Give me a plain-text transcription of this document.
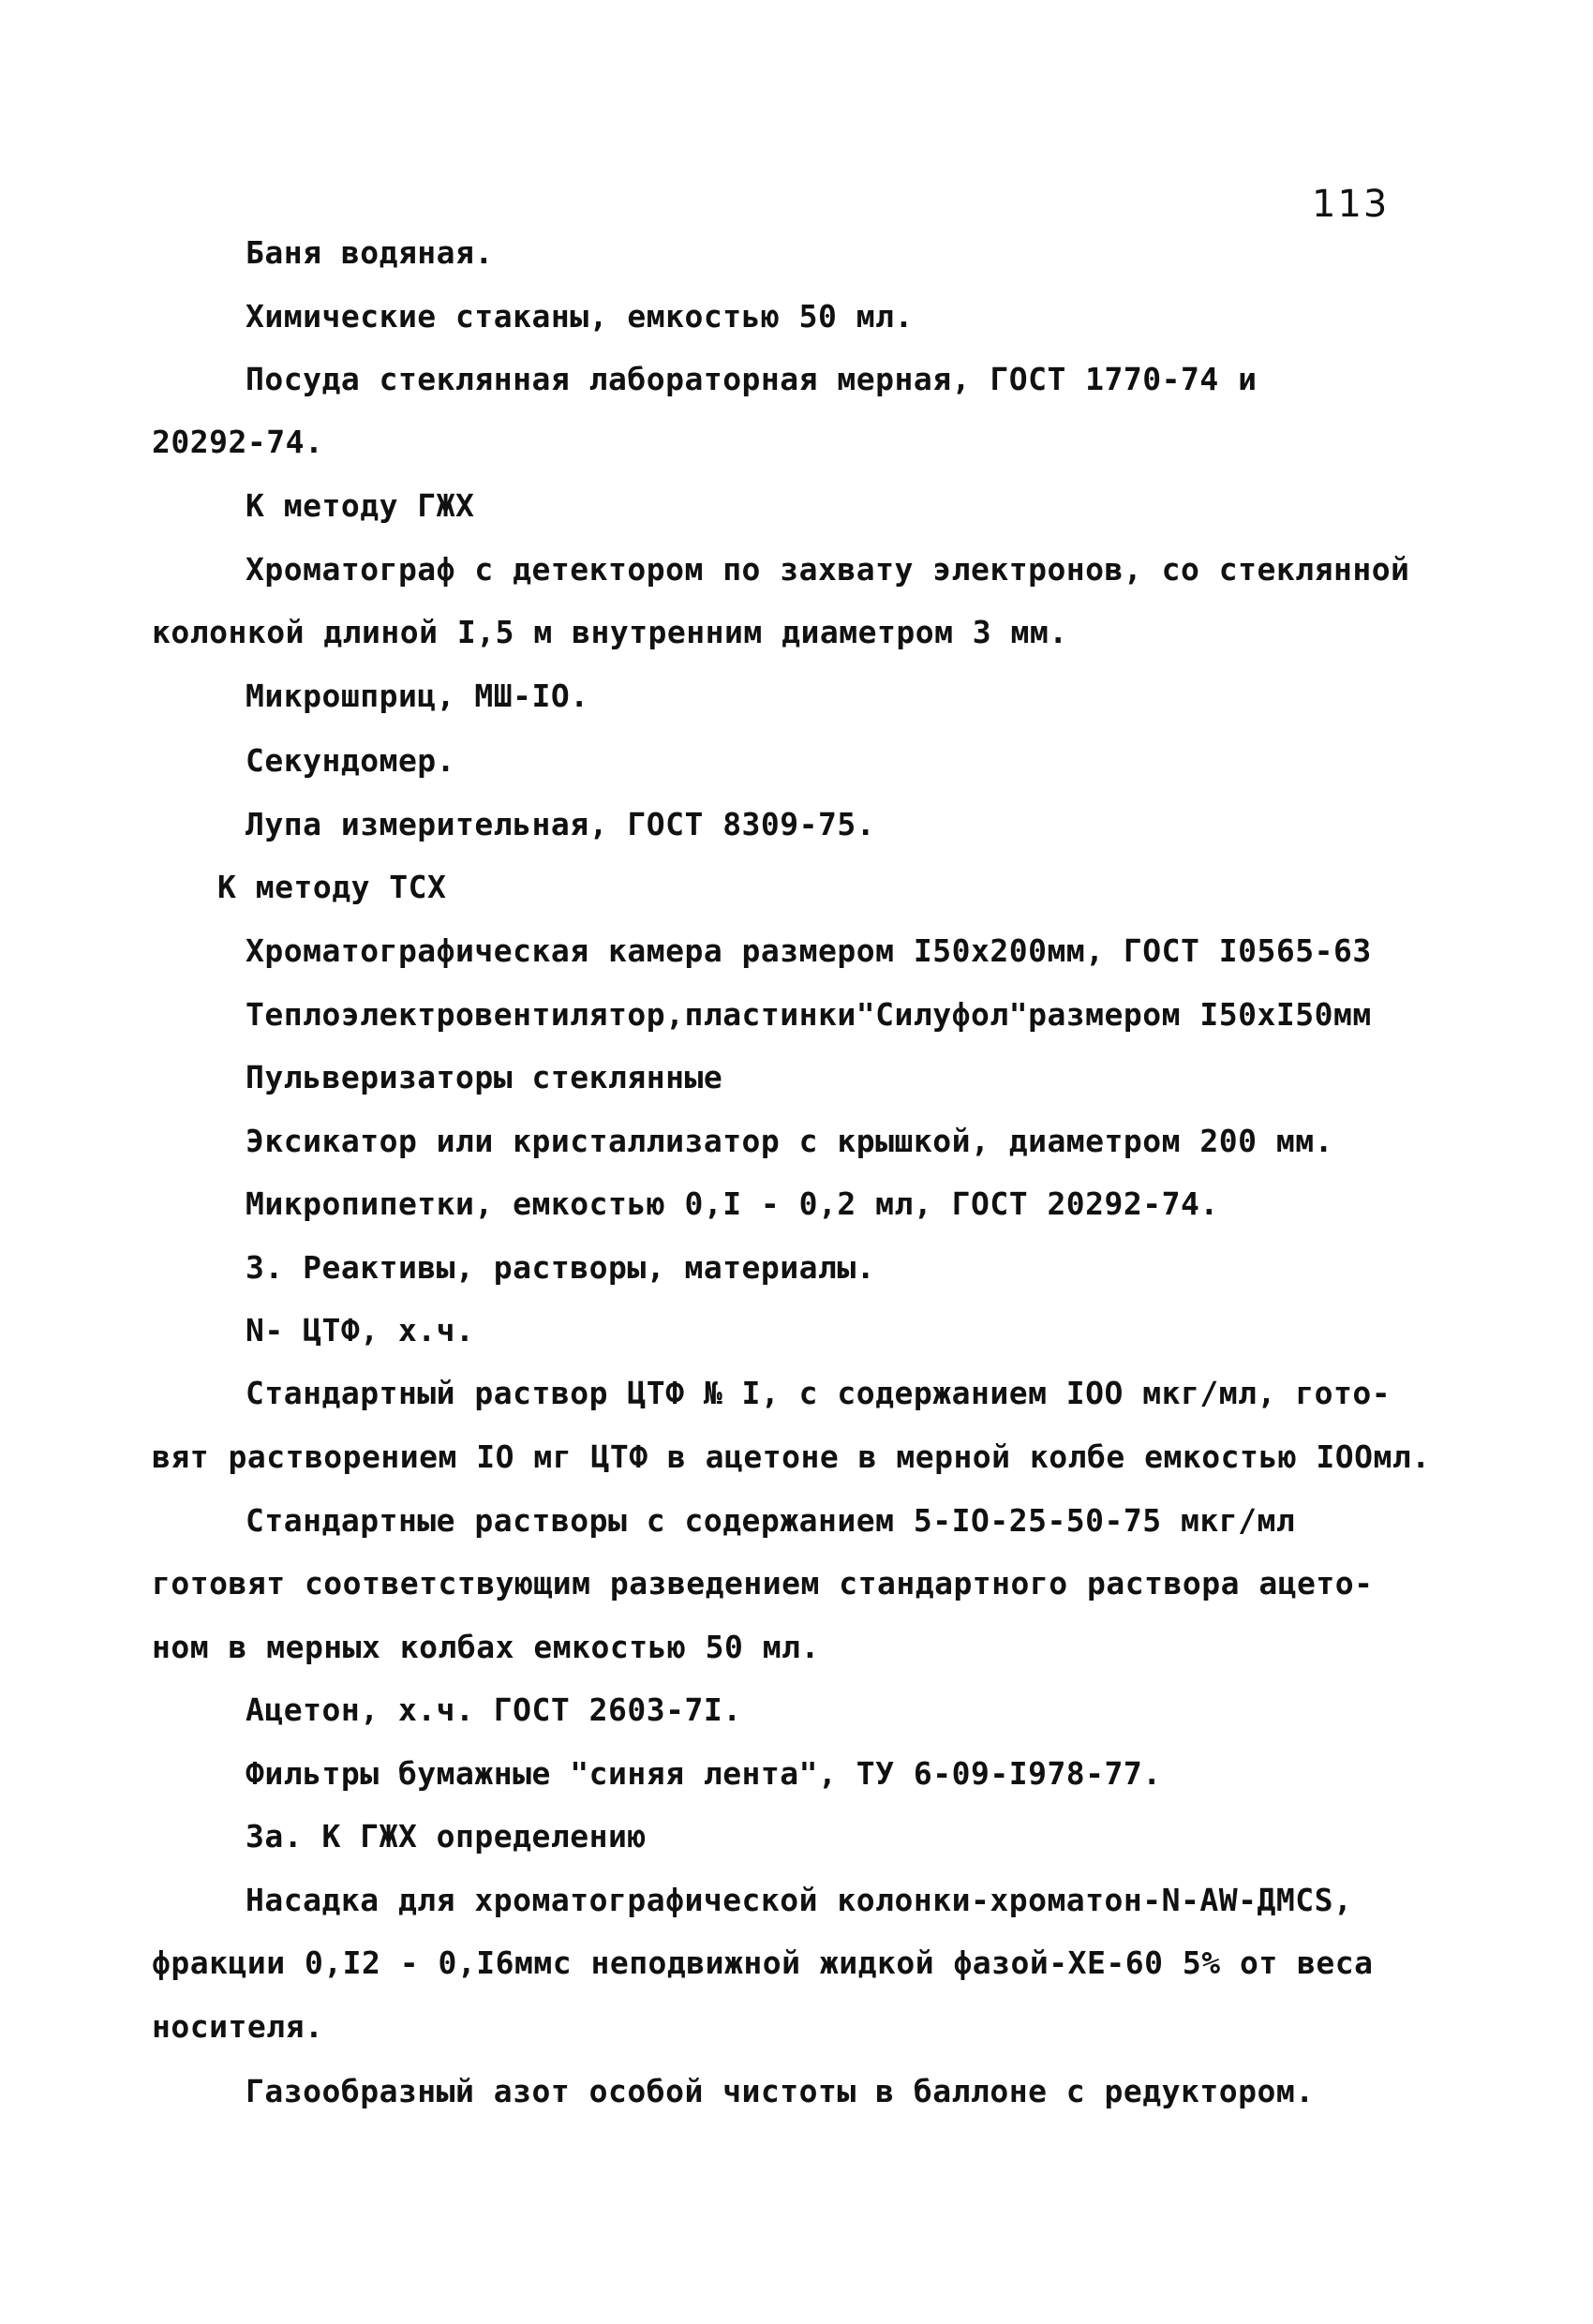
113
Баня водяная.
Химические стаканы, емкостью 50 мл.
Посуда стеклянная лабораторная мерная, ГОСТ 1770-74 и
20292-74.
К методу ГЖХ
Хроматограф с детектором по захвату электронов, со стеклянной
колонкой длиной I,5 м внутренним диаметром 3 мм.
Микрошприц, МШ-IO.
Секундомер.
Лупа измерительная, ГОСТ 8309-75.
К методу ТСХ
Хроматографическая камера размером I50x200мм, ГОСТ I0565-63
Теплоэлектровентилятор,пластинки"Силуфол"размером I50xI50мм
Пульверизаторы стеклянные
Эксикатор или кристаллизатор с крышкой, диаметром 200 мм.
Микропипетки, емкостью 0,I - 0,2 мл, ГОСТ 20292-74.
3. Реактивы, растворы, материалы.
N- ЦТФ, х.ч.
Стандартный раствор ЦТФ № I, с содержанием IOO мкг/мл, гото-
вят растворением IO мг ЦТФ в ацетоне в мерной колбе емкостью IOOмл.
Стандартные растворы с содержанием 5-IO-25-50-75 мкг/мл
готовят соответствующим разведением стандартного раствора ацето-
ном в мерных колбах емкостью 50 мл.
Ацетон, х.ч. ГОСТ 2603-7I.
Фильтры бумажные "синяя лента", ТУ 6-09-I978-77.
3а. К ГЖХ определению
Насадка для хроматографической колонки-хроматон-N-AW-ДМCS,
фракции 0,I2 - 0,I6ммс неподвижной жидкой фазой-XE-60 5% от веса
носителя.
Газообразный азот особой чистоты в баллоне с редуктором.
